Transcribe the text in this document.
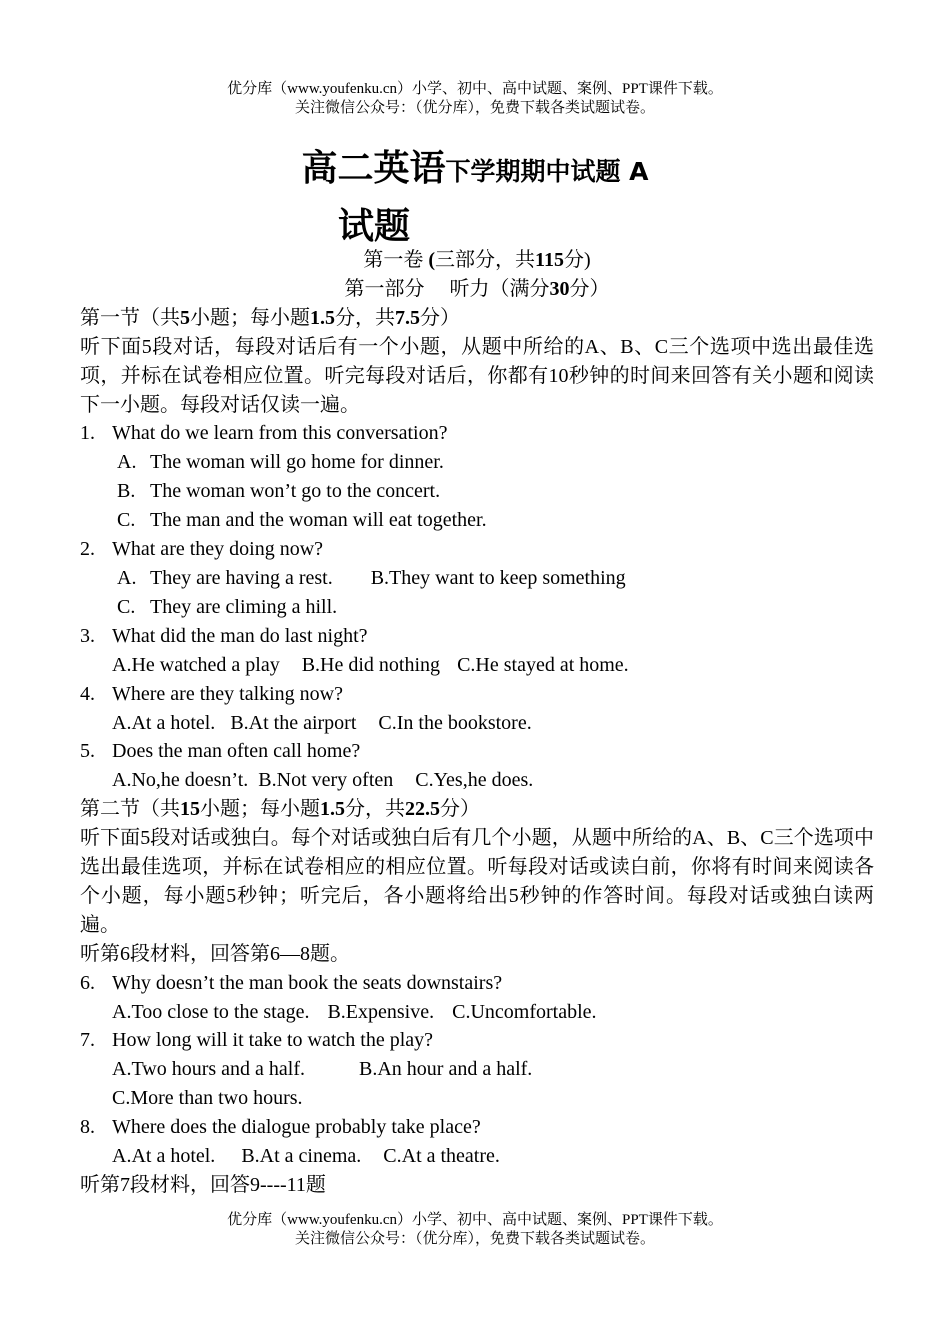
优分库（www.youfenku.cn）小学、初中、高中试题、案例、PPT课件下载。
关注微信公众号：（优分库），免费下载各类试题试卷。
高二英语下学期期中试题 A
试题
第一卷 (三部分，共115分)
第一部分  听力（满分30分）
第一节（共5小题；每小题1.5分，共7.5分）
听下面5段对话，每段对话后有一个小题，从题中所给的A、B、C三个选项中选出最佳选项，并标在试卷相应位置。听完每段对话后，你都有10秒钟的时间来回答有关小题和阅读下一小题。每段对话仅读一遍。
1. What do we learn from this conversation?
A. The woman will go home for dinner.
B. The woman won’t go to the concert.
C. The man and the woman will eat together.
2. What are they doing now?
A. They are having a rest. B.They want to keep something
C. They are climing a hill.
3. What did the man do last night?
A.He watched a play B.He did nothing C.He stayed at home.
4. Where are they talking now?
A.At a hotel. B.At the airport C.In the bookstore.
5. Does the man often call home?
A.No,he doesn’t. B.Not very often C.Yes,he does.
第二节（共15小题；每小题1.5分，共22.5分）
听下面5段对话或独白。每个对话或独白后有几个小题，从题中所给的A、B、C三个选项中选出最佳选项，并标在试卷相应的相应位置。听每段对话或读白前，你将有时间来阅读各个小题，每小题5秒钟；听完后，各小题将给出5秒钟的作答时间。每段对话或独白读两遍。
听第6段材料，回答第6—8题。
6. Why doesn’t the man book the seats downstairs?
A.Too close to the stage. B.Expensive. C.Uncomfortable.
7. How long will it take to watch the play?
A.Two hours and a half.	B.An hour and a half.
C.More than two hours.
8. Where does the dialogue probably take place?
A.At a hotel. B.At a cinema. C.At a theatre.
听第7段材料，回答9----11题
优分库（www.youfenku.cn）小学、初中、高中试题、案例、PPT课件下载。
关注微信公众号：（优分库），免费下载各类试题试卷。
